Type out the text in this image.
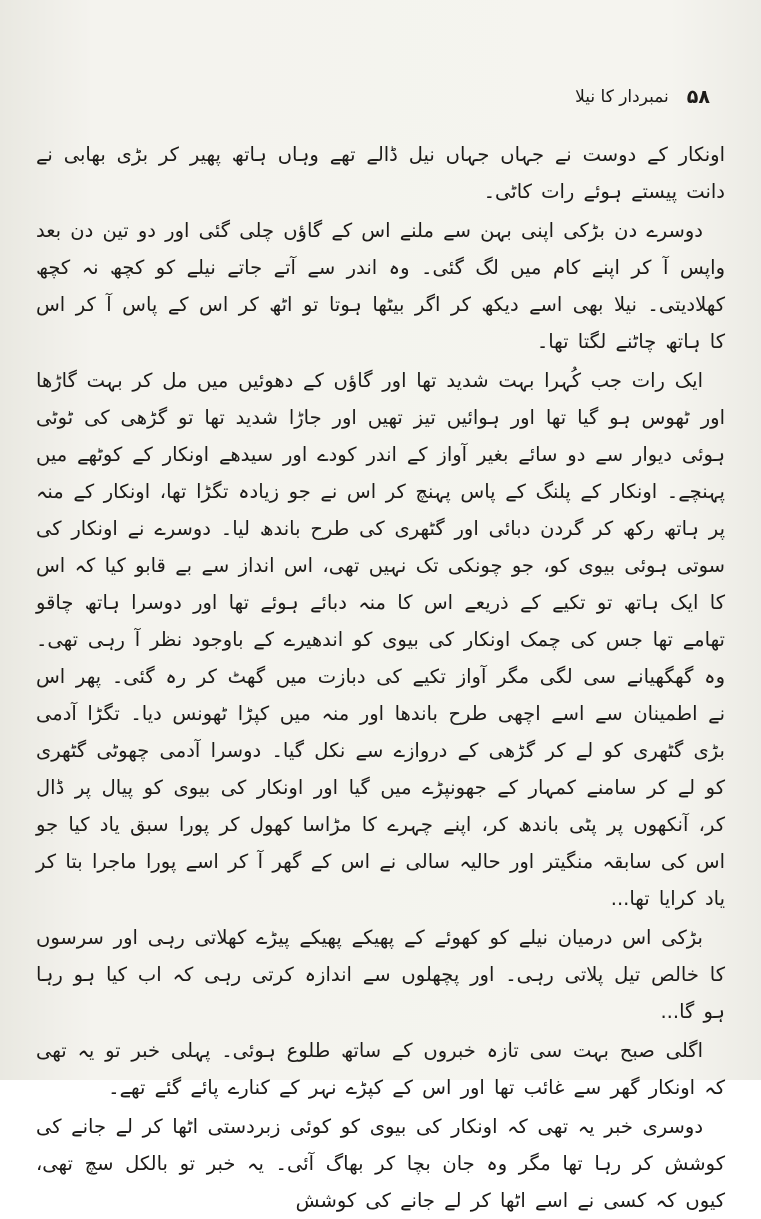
۵۸
نمبردار کا نیلا

اونکار کے دوست نے جہاں جہاں نیل ڈالے تھے وہاں ہاتھ پھیر کر بڑی بھابی نے دانت پیستے ہوئے رات کاٹی۔

دوسرے دن بڑکی اپنی بہن سے ملنے اس کے گاؤں چلی گئی اور دو تین دن بعد واپس آ کر اپنے کام میں لگ گئی۔ وہ اندر سے آتے جاتے نیلے کو کچھ نہ کچھ کھلادیتی۔ نیلا بھی اسے دیکھ کر اگر بیٹھا ہوتا تو اٹھ کر اس کے پاس آ کر اس کا ہاتھ چاٹنے لگتا تھا۔

ایک رات جب کُہرا بہت شدید تھا اور گاؤں کے دھوئیں میں مل کر بہت گاڑھا اور ٹھوس ہو گیا تھا اور ہوائیں تیز تھیں اور جاڑا شدید تھا تو گڑھی کی ٹوٹی ہوئی دیوار سے دو سائے بغیر آواز کے اندر کودے اور سیدھے اونکار کے کوٹھے میں پہنچے۔ اونکار کے پلنگ کے پاس پہنچ کر اس نے جو زیادہ تگڑا تھا، اونکار کے منہ پر ہاتھ رکھ کر گردن دبائی اور گٹھری کی طرح باندھ لیا۔ دوسرے نے اونکار کی سوتی ہوئی بیوی کو، جو چونکی تک نہیں تھی، اس انداز سے بے قابو کیا کہ اس کا ایک ہاتھ تو تکیے کے ذریعے اس کا منہ دبائے ہوئے تھا اور دوسرا ہاتھ چاقو تھامے تھا جس کی چمک اونکار کی بیوی کو اندھیرے کے باوجود نظر آ رہی تھی۔ وہ گھگھیانے سی لگی مگر آواز تکیے کی دبازت میں گھٹ کر رہ گئی۔ پھر اس نے اطمینان سے اسے اچھی طرح باندھا اور منہ میں کپڑا ٹھونس دیا۔ تگڑا آدمی بڑی گٹھری کو لے کر گڑھی کے دروازے سے نکل گیا۔ دوسرا آدمی چھوٹی گٹھری کو لے کر سامنے کمہار کے جھونپڑے میں گیا اور اونکار کی بیوی کو پیال پر ڈال کر، آنکھوں پر پٹی باندھ کر، اپنے چہرے کا مڑاسا کھول کر پورا سبق یاد کیا جو اس کی سابقہ منگیتر اور حالیہ سالی نے اس کے گھر آ کر اسے پورا ماجرا بتا کر یاد کرایا تھا...

بڑکی اس درمیان نیلے کو کھوئے کے پھیکے پھیکے پیڑے کھلاتی رہی اور سرسوں کا خالص تیل پلاتی رہی۔ اور پچھلوں سے اندازہ کرتی رہی کہ اب کیا ہو رہا ہو گا...

اگلی صبح بہت سی تازہ خبروں کے ساتھ طلوع ہوئی۔ پہلی خبر تو یہ تھی کہ اونکار گھر سے غائب تھا اور اس کے کپڑے نہر کے کنارے پائے گئے تھے۔

دوسری خبر یہ تھی کہ اونکار کی بیوی کو کوئی زبردستی اٹھا کر لے جانے کی کوشش کر رہا تھا مگر وہ جان بچا کر بھاگ آئی۔ یہ خبر تو بالکل سچ تھی، کیوں کہ کسی نے اسے اٹھا کر لے جانے کی کوشش
